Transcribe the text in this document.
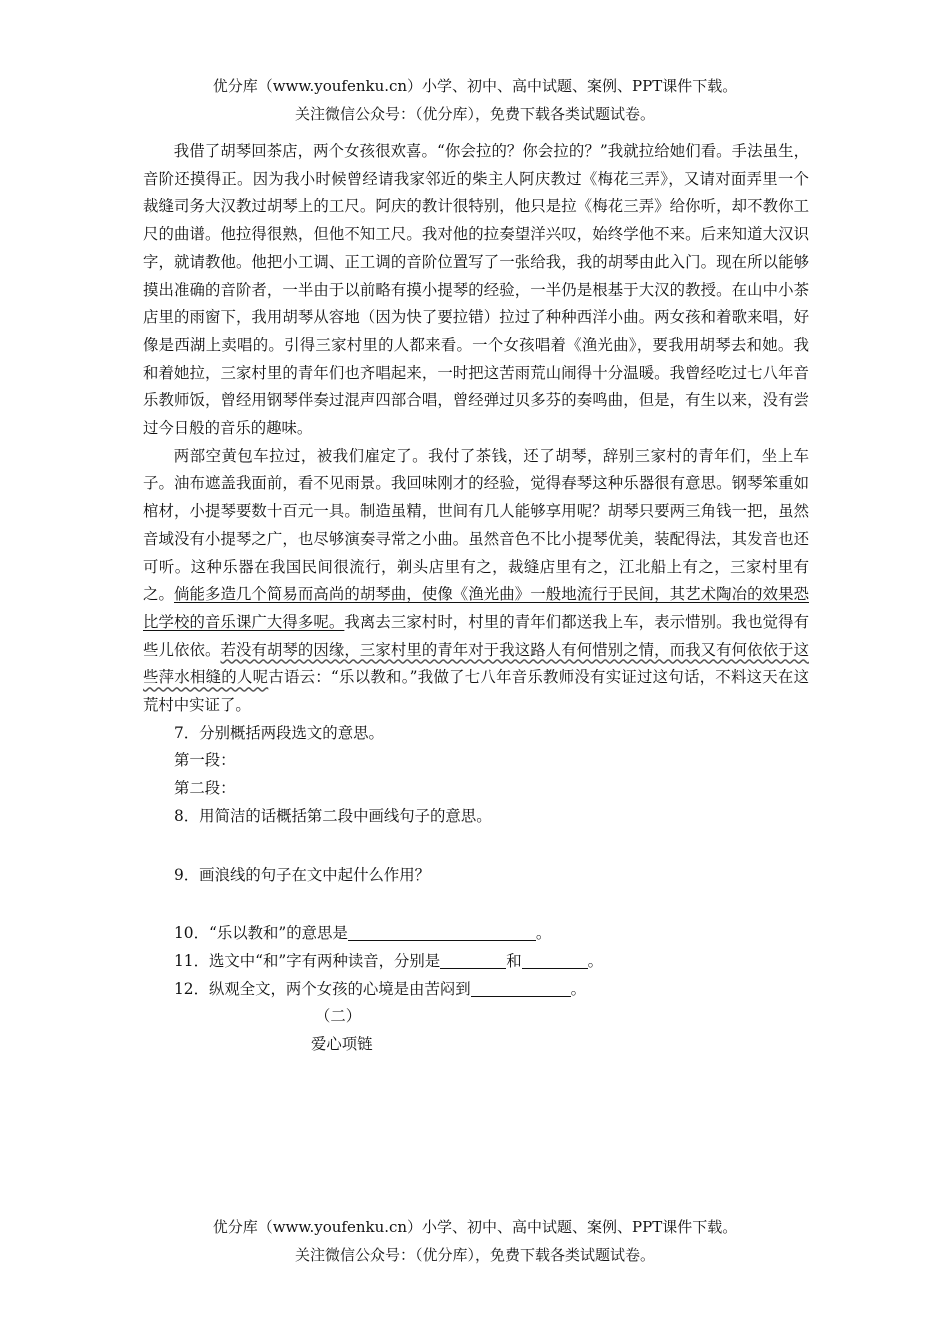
优分库（www.youfenku.cn）小学、初中、高中试题、案例、PPT课件下载。
关注微信公众号：（优分库），免费下载各类试题试卷。

我借了胡琴回茶店，两个女孩很欢喜。“你会拉的？你会拉的？”我就拉给她们看。手法虽生，音阶还摸得正。因为我小时候曾经请我家邻近的柴主人阿庆教过《梅花三弄》，又请对面弄里一个裁缝司务大汉教过胡琴上的工尺。阿庆的教计很特别，他只是拉《梅花三弄》给你听，却不教你工尺的曲谱。他拉得很熟，但他不知工尺。我对他的拉奏望洋兴叹，始终学他不来。后来知道大汉识字，就请教他。他把小工调、正工调的音阶位置写了一张给我，我的胡琴由此入门。现在所以能够摸出准确的音阶者，一半由于以前略有摸小提琴的经验，一半仍是根基于大汉的教授。在山中小茶店里的雨窗下，我用胡琴从容地（因为快了要拉错）拉过了种种西洋小曲。两女孩和着歌来唱，好像是西湖上卖唱的。引得三家村里的人都来看。一个女孩唱着《渔光曲》，要我用胡琴去和她。我和着她拉，三家村里的青年们也齐唱起来，一时把这苦雨荒山闹得十分温暖。我曾经吃过七八年音乐教师饭，曾经用钢琴伴奏过混声四部合唱，曾经弹过贝多芬的奏鸣曲，但是，有生以来，没有尝过今日般的音乐的趣味。

两部空黄包车拉过，被我们雇定了。我付了茶钱，还了胡琴，辞别三家村的青年们，坐上车子。油布遮盖我面前，看不见雨景。我回味刚才的经验，觉得春琴这种乐器很有意思。钢琴笨重如棺材，小提琴要数十百元一具。制造虽精，世间有几人能够享用呢？胡琴只要两三角钱一把，虽然音域没有小提琴之广，也尽够演奏寻常之小曲。虽然音色不比小提琴优美，装配得法，其发音也还可听。这种乐器在我国民间很流行，剃头店里有之，裁缝店里有之，江北船上有之，三家村里有之。倘能多造几个简易而高尚的胡琴曲，使像《渔光曲》一般地流行于民间，其艺术陶冶的效果恐比学校的音乐课广大得多呢。我离去三家村时，村里的青年们都送我上车，表示惜别。我也觉得有些儿依依。若没有胡琴的因缘，三家村里的青年对于我这路人有何惜别之情，而我又有何依依于这些萍水相缝的人呢古语云：“乐以教和。”我做了七八年音乐教师没有实证过这句话，不料这天在这荒村中实证了。

7．分别概括两段选文的意思。

第一段：

第二段：

8．用简洁的话概括第二段中画线句子的意思。

9．画浪线的句子在文中起什么作用？

10．“乐以教和”的意思是	。

11．选文中“和”字有两种读音，分别是	和	。

12．纵观全文，两个女孩的心境是由苦闷到	。

（二）

爱心项链

优分库（www.youfenku.cn）小学、初中、高中试题、案例、PPT课件下载。
关注微信公众号：（优分库），免费下载各类试题试卷。
